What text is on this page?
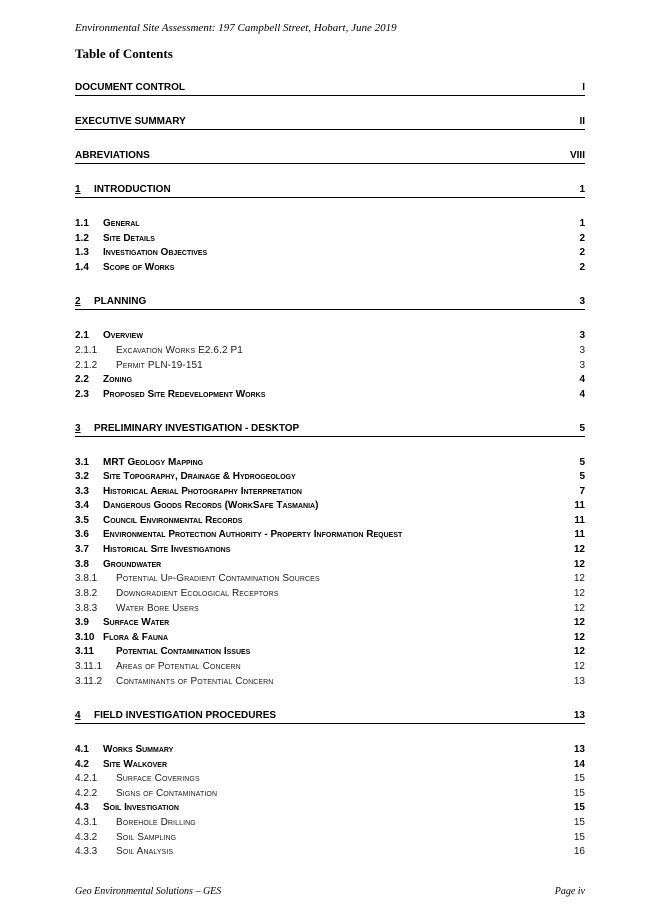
Environmental Site Assessment: 197 Campbell Street, Hobart, June 2019
Table of Contents
DOCUMENT CONTROL	I
EXECUTIVE SUMMARY	II
ABREVIATIONS	VIII
1 INTRODUCTION	1
1.1 General	1
1.2 Site Details	2
1.3 Investigation Objectives	2
1.4 Scope of Works	2
2 PLANNING	3
2.1 Overview	3
2.1.1 Excavation Works E2.6.2 P1	3
2.1.2 Permit PLN-19-151	3
2.2 Zoning	4
2.3 Proposed Site Redevelopment Works	4
3 PRELIMINARY INVESTIGATION - DESKTOP	5
3.1 MRT Geology Mapping	5
3.2 Site Topography, Drainage & Hydrogeology	5
3.3 Historical Aerial Photography Interpretation	7
3.4 Dangerous Goods Records (WorkSafe Tasmania)	11
3.5 Council Environmental Records	11
3.6 Environmental Protection Authority - Property Information Request	11
3.7 Historical Site Investigations	12
3.8 Groundwater	12
3.8.1 Potential Up-Gradient Contamination Sources	12
3.8.2 Downgradient Ecological Receptors	12
3.8.3 Water Bore Users	12
3.9 Surface Water	12
3.10 Flora & Fauna	12
3.11 Potential Contamination Issues	12
3.11.1 Areas of Potential Concern	12
3.11.2 Contaminants of Potential Concern	13
4 FIELD INVESTIGATION PROCEDURES	13
4.1 Works Summary	13
4.2 Site Walkover	14
4.2.1 Surface Coverings	15
4.2.2 Signs of Contamination	15
4.3 Soil Investigation	15
4.3.1 Borehole Drilling	15
4.3.2 Soil Sampling	15
4.3.3 Soil Analysis	16
Geo Environmental Solutions – GES	Page iv
